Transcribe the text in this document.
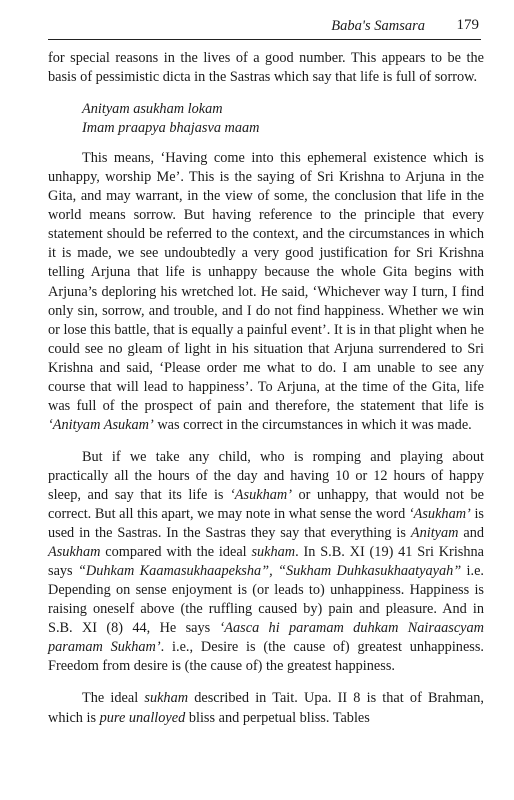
Baba's Samsara 179

for special reasons in the lives of a good number. This appears to be the basis of pessimistic dicta in the Sastras which say that life is full of sorrow.

Anityam asukham lokam
Imam praapya bhajasva maam

This means, ‘Having come into this ephemeral existence which is unhappy, worship Me’. This is the saying of Sri Krishna to Arjuna in the Gita, and may warrant, in the view of some, the conclusion that life in the world means sorrow. But having reference to the principle that every statement should be referred to the context, and the circumstances in which it is made, we see undoubtedly a very good justification for Sri Krishna telling Arjuna that life is unhappy because the whole Gita begins with Arjuna’s deploring his wretched lot. He said, ‘Whichever way I turn, I find only sin, sorrow, and trouble, and I do not find happiness. Whether we win or lose this battle, that is equally a painful event’. It is in that plight when he could see no gleam of light in his situation that Arjuna surrendered to Sri Krishna and said, ‘Please order me what to do. I am unable to see any course that will lead to happiness’. To Arjuna, at the time of the Gita, life was full of the prospect of pain and therefore, the statement that life is ‘Anityam Asukam’ was correct in the circumstances in which it was made.

But if we take any child, who is romping and playing about practically all the hours of the day and having 10 or 12 hours of happy sleep, and say that its life is ‘Asukham’ or unhappy, that would not be correct. But all this apart, we may note in what sense the word ‘Asukham’ is used in the Sastras. In the Sastras they say that everything is Anityam and Asukham compared with the ideal sukham. In S.B. XI (19) 41 Sri Krishna says “Duhkam Kaamasukhaapeksha”, “Sukham Duhkasukhaatyayah” i.e. Depending on sense enjoyment is (or leads to) unhappiness. Happiness is raising oneself above (the ruffling caused by) pain and pleasure. And in S.B. XI (8) 44, He says ‘Aasca hi paramam duhkam Nairaascyam paramam Sukham’. i.e., Desire is (the cause of) greatest unhappiness. Freedom from desire is (the cause of) the greatest happiness.

The ideal sukham described in Tait. Upa. II 8 is that of Brahman, which is pure unalloyed bliss and perpetual bliss. Tables
